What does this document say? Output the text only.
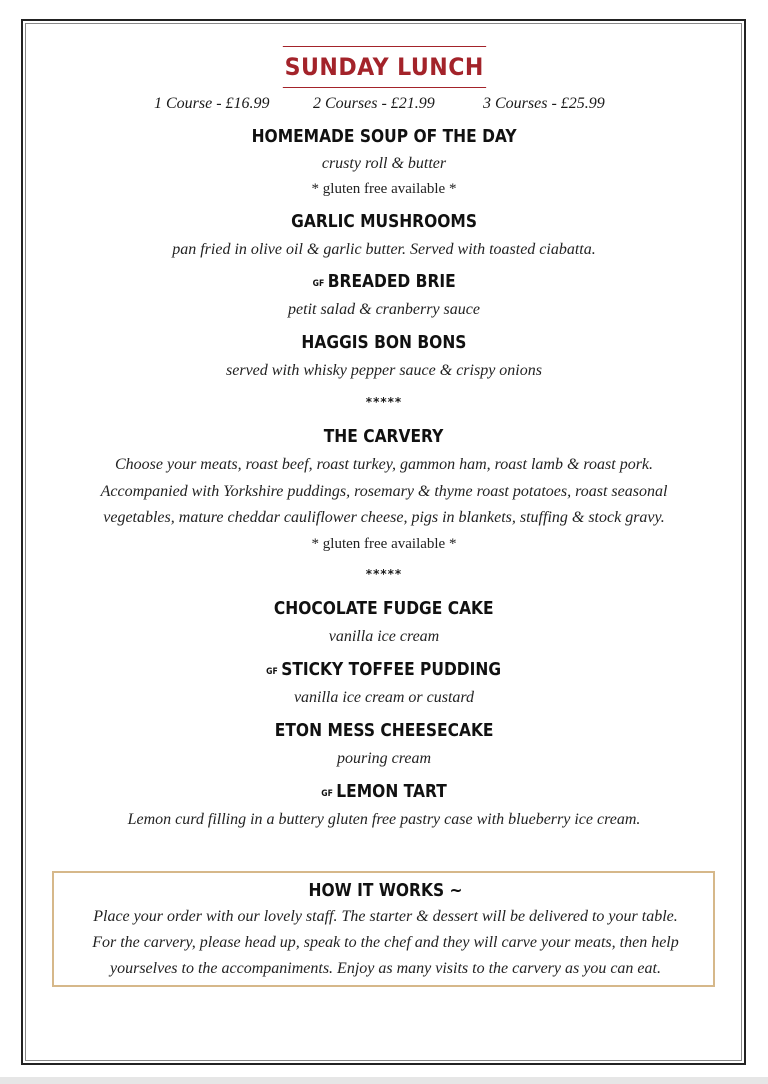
SUNDAY LUNCH
1 Course - £16.99	2 Courses - £21.99	3 Courses - £25.99
HOMEMADE SOUP OF THE DAY
crusty roll & butter
* gluten free available *
GARLIC MUSHROOMS
pan fried in olive oil & garlic butter. Served with toasted ciabatta.
GF BREADED BRIE
petit salad & cranberry sauce
HAGGIS BON BONS
served with whisky pepper sauce & crispy onions
*****
THE CARVERY
Choose your meats, roast beef, roast turkey, gammon ham, roast lamb & roast pork.
Accompanied with Yorkshire puddings, rosemary & thyme roast potatoes, roast seasonal
vegetables, mature cheddar cauliflower cheese, pigs in blankets, stuffing & stock gravy.
* gluten free available *
*****
CHOCOLATE FUDGE CAKE
vanilla ice cream
GF STICKY TOFFEE PUDDING
vanilla ice cream or custard
ETON MESS CHEESECAKE
pouring cream
GF LEMON TART
Lemon curd filling in a buttery gluten free pastry case with blueberry ice cream.
HOW IT WORKS ~
Place your order with our lovely staff. The starter & dessert will be delivered to your table.
For the carvery, please head up, speak to the chef and they will carve your meats, then help
yourselves to the accompaniments. Enjoy as many visits to the carvery as you can eat.
